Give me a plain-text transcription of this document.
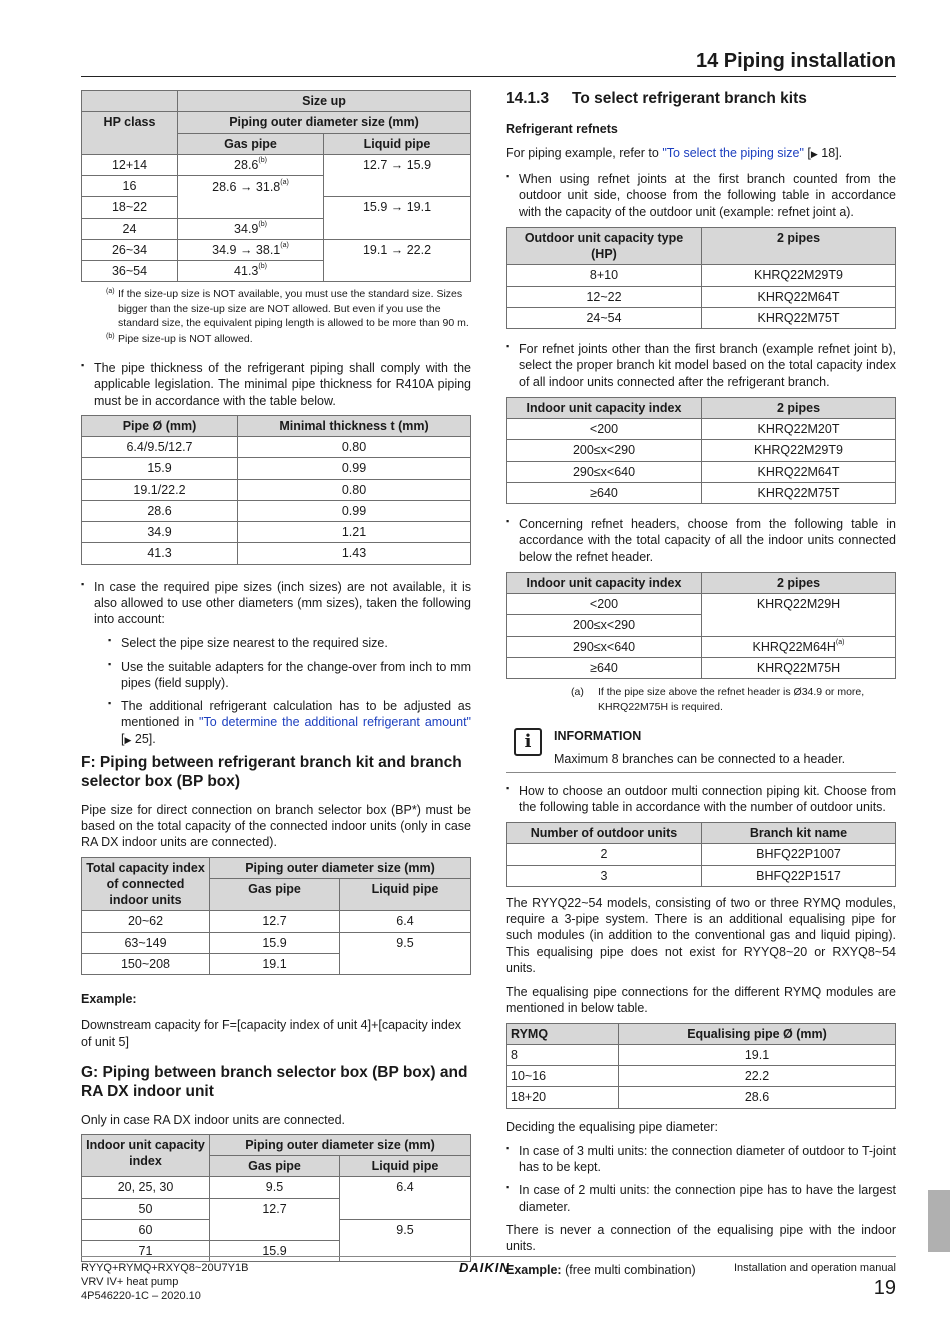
14 Piping installation
	Size up	
HP class	Piping outer diameter size (mm)	
	Gas pipe	Liquid pipe
12+14	28.6$^{(b)}$	12.7 → 15.9
16	$28.6 \to 31.8^{(a)}$
18~22		15.9 → 19.1
24	34.9$^{(b)}$
26~34	$34.9 \to 38.1^{(a)}$	19.1 → 22.2
36~54	41.3$^{(b)}$
(a) If the size-up size is NOT available, you must use the standard size. Sizes bigger than the size-up size are NOT allowed. But even if you use the standard size, the equivalent piping length is allowed to be more than 90 m.
(b) Pipe size-up is NOT allowed.
▪ The pipe thickness of the refrigerant piping shall comply with the applicable legislation. The minimal pipe thickness for R410A piping must be in accordance with the table below.
Pipe Ø (mm)	Minimal thickness t (mm)
6.4/9.5/12.7	0.80
15.9	0.99
19.1/22.2	0.80
28.6	0.99
34.9	1.21
41.3	1.43
▪ In case the required pipe sizes (inch sizes) are not available, it is also allowed to use other diameters (mm sizes), taken the following into account:
▪ Select the pipe size nearest to the required size.
▪ Use the suitable adapters for the change-over from inch to mm pipes (field supply).
▪ The additional refrigerant calculation has to be adjusted as mentioned in "To determine the additional refrigerant amount" [▶ 25].
F: Piping between refrigerant branch kit and branch selector box (BP box)

Pipe size for direct connection on branch selector box (BP*) must be based on the total capacity of the connected indoor units (only in case RA DX indoor units are connected).

Total capacity index of connected indoor units	Piping outer diameter size (mm)	
	Gas pipe	Liquid pipe
20~62	12.7	6.4
63~149	15.9	9.5
150~208	19.1	
Example:

Downstream capacity for F=[capacity index of unit 4]+[capacity index of unit 5]

G: Piping between branch selector box (BP box) and RA DX indoor unit

Only in case RA DX indoor units are connected.

Indoor unit capacity index	Piping outer diameter size (mm)	
	Gas pipe	Liquid pipe
20, 25, 30	9.5	6.4
50	12.7	
60		9.5
71	15.9	
14.1.3 To select refrigerant branch kits
Refrigerant refnets

For piping example, refer to "To select the piping size" [▶ 18].

▪ When using refnet joints at the first branch counted from the outdoor unit side, choose from the following table in accordance with the capacity of the outdoor unit (example: refnet joint a).
Outdoor unit capacity type (HP)	2 pipes
8+10	KHRQ22M29T9
12~22	KHRQ22M64T
24~54	KHRQ22M75T
▪ For refnet joints other than the first branch (example refnet joint b), select the proper branch kit model based on the total capacity index of all indoor units connected after the refrigerant branch.
Indoor unit capacity index	2 pipes
<200	KHRQ22M20T
200≤x<290	KHRQ22M29T9
290≤x<640	KHRQ22M64T
≥640	KHRQ22M75T
▪ Concerning refnet headers, choose from the following table in accordance with the total capacity of all the indoor units connected below the refnet header.
Indoor unit capacity index	2 pipes
<200	KHRQ22M29H
200≤x<290	
290≤x<640	$KHRQ22M64H^{(a)}$
≥640	KHRQ22M75H
(a) If the pipe size above the refnet header is Ø34.9 or more, KHRQ22M75H is required.
i	INFORMATION
Maximum 8 branches can be connected to a header.
▪ How to choose an outdoor multi connection piping kit. Choose from the following table in accordance with the number of outdoor units.
Number of outdoor units	Branch kit name
2	BHFQ22P1007
3	BHFQ22P1517

The RYYQ22~54 models, consisting of two or three RYMQ modules, require a 3-pipe system. There is an additional equalising pipe for such modules (in addition to the conventional gas and liquid piping). This equalising pipe does not exist for RYYQ8~20 or RXYQ8~54 units.

The equalising pipe connections for the different RYMQ modules are mentioned in below table.

RYMQ	Equalising pipe Ø (mm)
8	19.1
10~16	22.2
18+20	28.6

Deciding the equalising pipe diameter:

▪ In case of 3 multi units: the connection diameter of outdoor to T-joint has to be kept.
▪ In case of 2 multi units: the connection pipe has to have the largest diameter.

There is never a connection of the equalising pipe with the indoor units.

Example: (free multi combination)

RYYQ+RYMQ+RXYQ8~20U7Y1B
VRV IV+ heat pump
4P546220-1C – 2020.10
DAIKIN	Installation and operation manual
19
